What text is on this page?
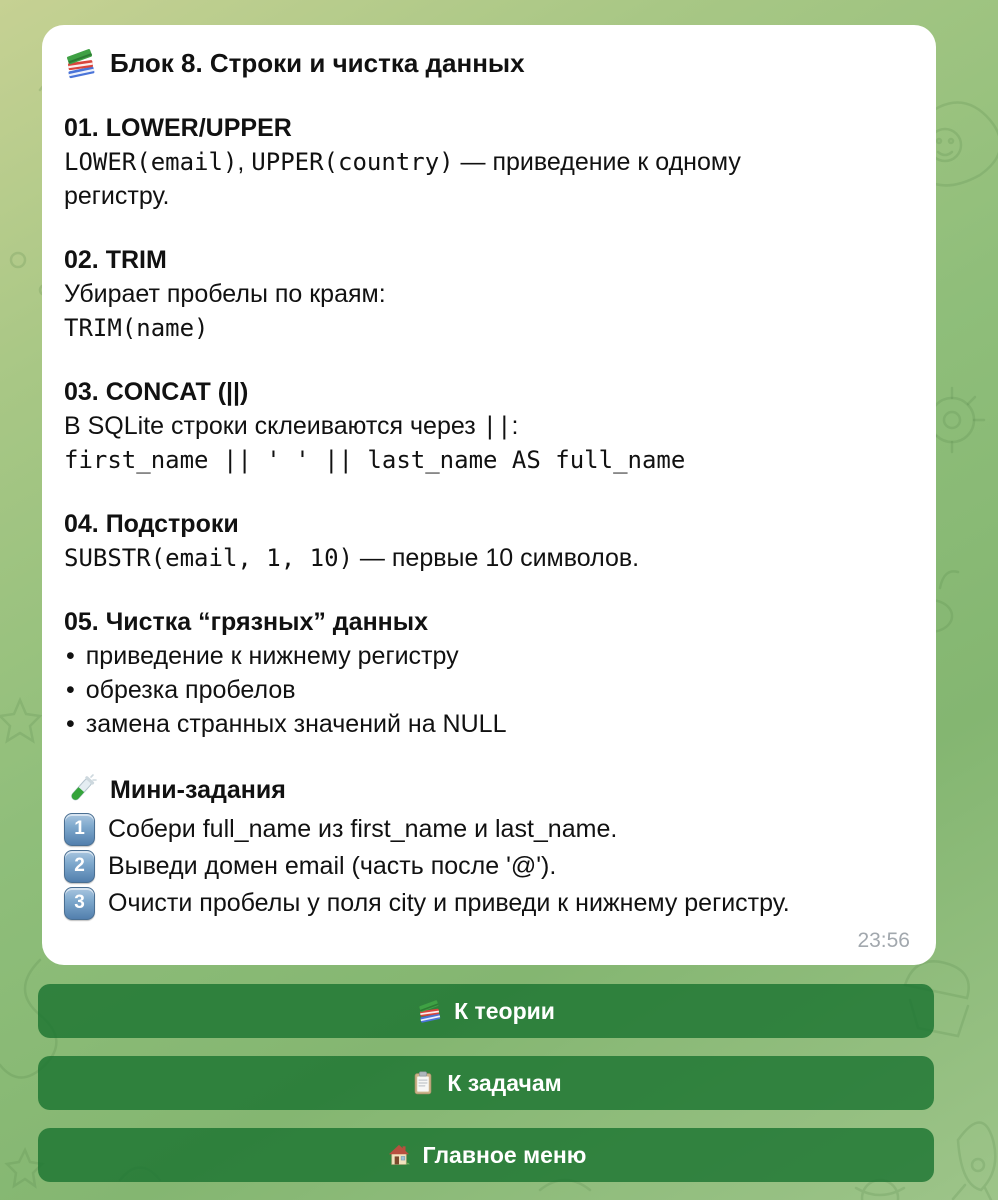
Блок 8. Строки и чистка данных
01. LOWER/UPPER
LOWER(email), UPPER(country) — приведение к одному
регистру.
02. TRIM
Убирает пробелы по краям:
TRIM(name)
03. CONCAT (||)
В SQLite строки склеиваются через ||:
first_name || ' ' || last_name AS full_name
04. Подстроки
SUBSTR(email, 1, 10) — первые 10 символов.
05. Чистка “грязных” данных
• приведение к нижнему регистру
• обрезка пробелов
• замена странных значений на NULL
Мини-задания
1 Собери full_name из first_name и last_name.
2 Выведи домен email (часть после '@').
3 Очисти пробелы у поля city и приведи к нижнему регистру.
23:56
К теории
К задачам
Главное меню
